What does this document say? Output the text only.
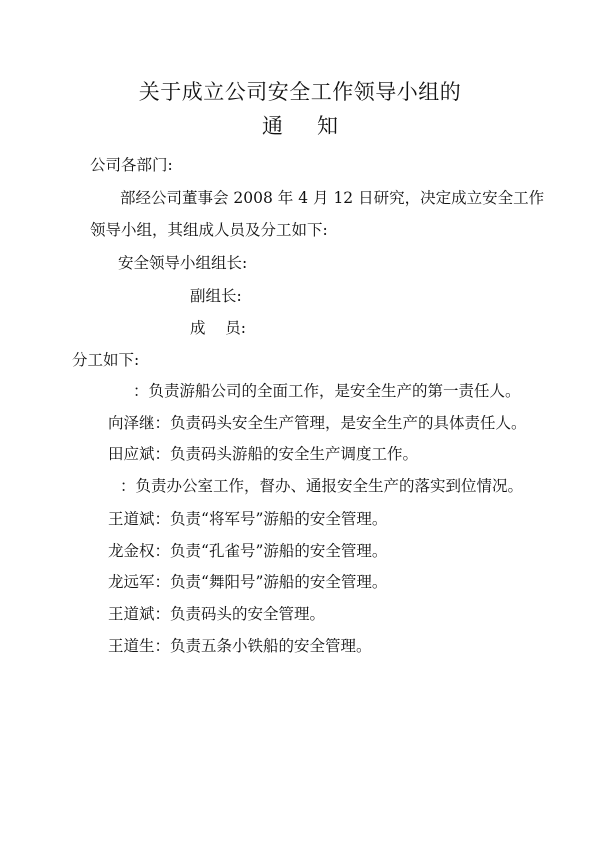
关于成立公司安全工作领导小组的
通知
公司各部门:
部经公司董事会 2008 年 4 月 12 日研究，决定成立安全工作
领导小组，其组成人员及分工如下:
安全领导小组组长:
副组长:
成    员:
分工如下:
：负责游船公司的全面工作，是安全生产的第一责任人。
向泽继：负责码头安全生产管理，是安全生产的具体责任人。
田应斌：负责码头游船的安全生产调度工作。
：负责办公室工作，督办、通报安全生产的落实到位情况。
王道斌：负责“将军号”游船的安全管理。
龙金权：负责“孔雀号”游船的安全管理。
龙远军：负责“舞阳号”游船的安全管理。
王道斌：负责码头的安全管理。
王道生：负责五条小铁船的安全管理。
